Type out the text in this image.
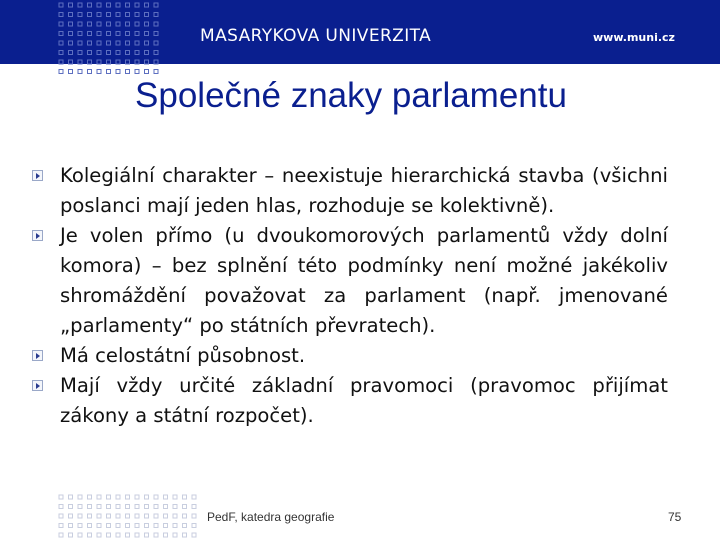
MASARYKOVA UNIVERZITA	www.muni.cz
Společné znaky parlamentu
Kolegiální charakter – neexistuje hierarchická stavba (všichni poslanci mají jeden hlas, rozhoduje se kolektivně).
Je volen přímo (u dvoukomorových parlamentů vždy dolní komora) – bez splnění této podmínky není možné jakékoliv shromáždění považovat za parlament (např. jmenované „parlamenty“ po státních převratech).
Má celostátní působnost.
Mají vždy určité základní pravomoci (pravomoc přijímat zákony a státní rozpočet).
PedF, katedra geografie	75
